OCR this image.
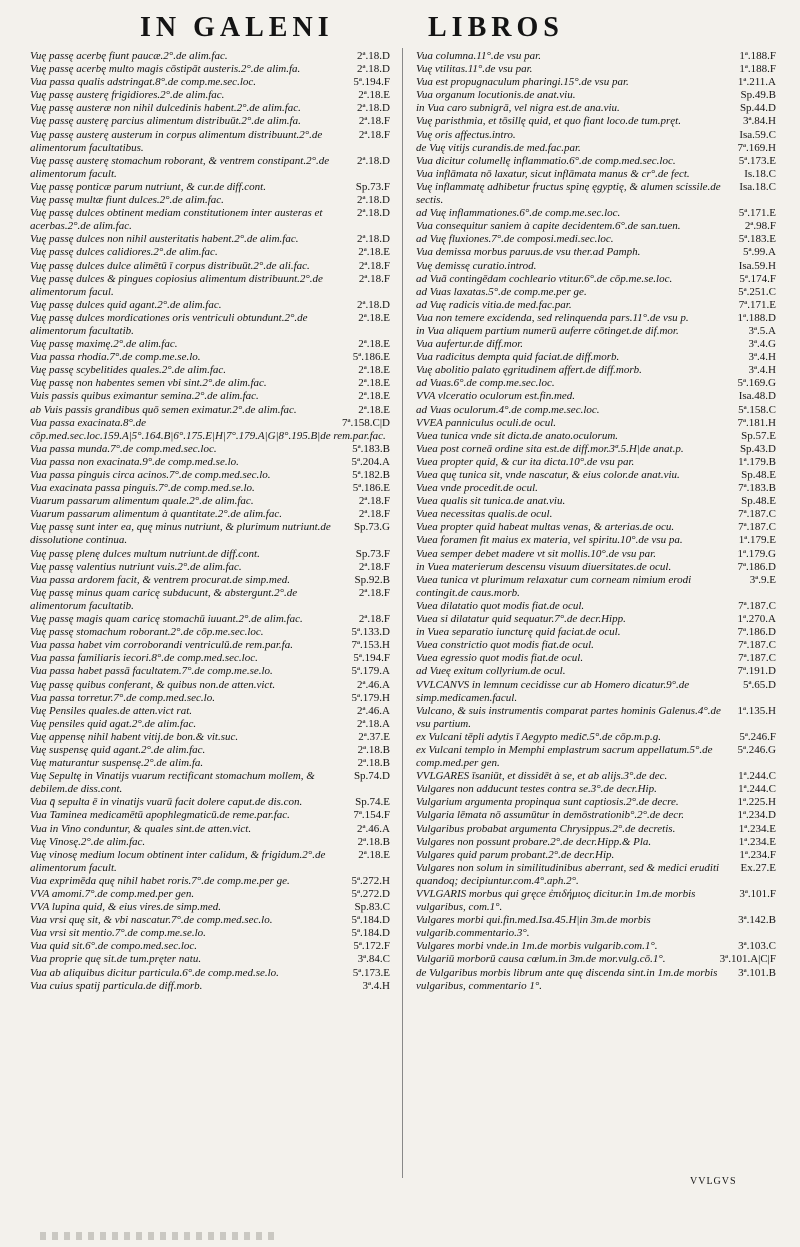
IN GALENI	LIBROS
2ª.18.D
Vuę passę acerbę fiunt paucæ.2°.de alim.fac.
2ª.18.D
Vuę passę acerbę multo magis cōstipāt austeris.2°.de alim.fa.
5ª.194.F
Vua passa qualis adstringat.8°.de comp.me.sec.loc.
2ª.18.E
Vuę passę austerę frigidiores.2°.de alim.fac.
2ª.18.D
Vuę passę austeræ non nihil dulcedinis habent.2°.de alim.fac.
2ª.18.F
Vuę passę austerę parcius alimentum distribuūt.2°.de alim.fa.
2ª.18.F
Vuę passę austerę austerum in corpus alimentum distribuunt.2°.de alimentorum facultatibus.
2ª.18.D
Vuę passę austerę stomachum roborant, & ventrem constipant.2°.de alimentorum facult.
Sp.73.F
Vuę passę ponticæ parum nutriunt, & cur.de diff.cont.
2ª.18.D
Vuę passę multæ fiunt dulces.2°.de alim.fac.
2ª.18.D
Vuę passę dulces obtinent mediam constitutionem inter austeras et acerbas.2°.de alim.fac.
2ª.18.D
Vuę passę dulces non nihil austeritatis habent.2°.de alim.fac.
2ª.18.E
Vuę passę dulces calidiores.2°.de alim.fac.
2ª.18.F
Vuę passę dulces dulce alimētū ī corpus distribuūt.2°.de ali.fac.
2ª.18.F
Vuę passę dulces & pingues copiosius alimentum distribuunt.2°.de alimentorum facul.
2ª.18.D
Vuę passę dulces quid agant.2°.de alim.fac.
2ª.18.E
Vuę passę dulces mordicationes oris ventriculi obtundunt.2°.de alimentorum facultatib.
2ª.18.E
Vuę passę maximę.2°.de alim.fac.
5ª.186.E
Vua passa rhodia.7°.de comp.me.se.lo.
2ª.18.E
Vuę passę scybelitides quales.2°.de alim.fac.
2ª.18.E
Vuę passę non habentes semen vbi sint.2°.de alim.fac.
2ª.18.E
Vuis passis quibus eximantur semina.2°.de alim.fac.
2ª.18.E
ab Vuis passis grandibus quō semen eximatur.2°.de alim.fac.
7ª.158.C|D
Vua passa exacinata.8°.de cōp.med.sec.loc.159.A|5°.164.B|6°.175.E|H|7°.179.A|G|8°.195.B|de rem.par.fac.
5ª.183.B
Vua passa munda.7°.de comp.med.sec.loc.
5ª.204.A
Vua passa non exacinata.9°.de comp.med.se.lo.
5ª.182.B
Vua passa pinguis circa acinos.7°.de comp.med.sec.lo.
5ª.186.E
Vua exacinata passa pinguis.7°.de comp.med.se.lo.
2ª.18.F
Vuarum passarum alimentum quale.2°.de alim.fac.
2ª.18.F
Vuarum passarum alimentum à quantitate.2°.de alim.fac.
Sp.73.G
Vuę passę sunt inter ea, quę minus nutriunt, & plurimum nutriunt.de dissolutione continua.
Sp.73.F
Vuę passę plenę dulces multum nutriunt.de diff.cont.
2ª.18.F
Vuę passę valentius nutriunt vuis.2°.de alim.fac.
Sp.92.B
Vua passa ardorem facit, & ventrem procurat.de simp.med.
2ª.18.F
Vuę passę minus quam caricę subducunt, & abstergunt.2°.de alimentorum facultatib.
2ª.18.F
Vuę passę magis quam caricę stomachū iuuant.2°.de alim.fac.
5ª.133.D
Vuę passę stomachum roborant.2°.de cōp.me.sec.loc.
7ª.153.H
Vua passa habet vim corroborandi ventriculū.de rem.par.fa.
5ª.194.F
Vua passa familiaris iecori.8°.de comp.med.sec.loc.
5ª.179.A
Vua passa habet passā facultatem.7°.de comp.me.se.lo.
2ª.46.A
Vuę passę quibus conferant, & quibus non.de atten.vict.
5ª.179.H
Vua passa torretur.7°.de comp.med.sec.lo.
2ª.46.A
Vuę Pensiles quales.de atten.vict rat.
2ª.18.A
Vuę pensiles quid agat.2°.de alim.fac.
2ª.37.E
Vuę appensę nihil habent vitij.de bon.& vit.suc.
2ª.18.B
Vuę suspensę quid agant.2°.de alim.fac.
2ª.18.B
Vuę maturantur suspensę.2°.de alim.fa.
Sp.74.D
Vuę Sepultę in Vinatijs vuarum rectificant stomachum mollem, & debilem.de diss.cont.
Sp.74.E
Vua q̄ sepulta ē in vinatijs vuarū facit dolere caput.de dis.con.
7ª.154.F
Vua Taminea medicamētū apophlegmaticū.de reme.par.fac.
2ª.46.A
Vua in Vino conduntur, & quales sint.de atten.vict.
2ª.18.B
Vuę Vinosę.2°.de alim.fac.
2ª.18.E
Vuę vinosę medium locum obtinent inter calidum, & frigidum.2°.de alimentorum facult.
5ª.272.H
Vua exprimēda quę nihil habet roris.7°.de comp.me.per ge.
5ª.272.D
VVA amomi.7°.de comp.med.per gen.
Sp.83.C
VVA lupina quid, & eius vires.de simp.med.
5ª.184.D
Vua vrsi quę sit, & vbi nascatur.7°.de comp.med.sec.lo.
5ª.184.D
Vua vrsi sit mentio.7°.de comp.me.se.lo.
5ª.172.F
Vua quid sit.6°.de compo.med.sec.loc.
3ª.84.C
Vua proprie quę sit.de tum.pręter natu.
5ª.173.E
Vua ab aliquibus dicitur particula.6°.de comp.med.se.lo.
3ª.4.H
Vua cuius spatij particula.de diff.morb.
1ª.188.F
Vua columna.11°.de vsu par.
1ª.188.F
Vuę vtilitas.11°.de vsu par.
1ª.211.A
Vua est propugnaculum pharingi.15°.de vsu par.
Sp.49.B
Vua organum locutionis.de anat.viu.
Sp.44.D
in Vua caro subnigrā, vel nigra est.de ana.viu.
3ª.84.H
Vuę paristhmia, et tōsillę quid, et quo fiant loco.de tum.pręt.
Isa.59.C
Vuę oris affectus.intro.
7ª.169.H
de Vuę vitijs curandis.de med.fac.par.
5ª.173.E
Vua dicitur columellę inflammatio.6°.de comp.med.sec.loc.
Is.18.C
Vua inflāmata nō laxatur, sicut inflāmata manus & cr°.de fect.
Isa.18.C
Vuę inflammatę adhibetur fructus spinę ęgyptię, & alumen scissile.de sectis.
5ª.171.E
ad Vuę inflammationes.6°.de comp.me.sec.loc.
2ª.98.F
Vua consequitur saniem à capite decidentem.6°.de san.tuen.
5ª.183.E
ad Vuę fluxiones.7°.de composi.medi.sec.loc.
5ª.99.A
Vua demissa morbus paruus.de vsu ther.ad Pamph.
Isa.59.H
Vuę demissę curatio.introd.
5ª.174.F
ad Vuā contingēdam cochleario vtitur.6°.de cōp.me.se.loc.
5ª.251.C
ad Vuas laxatas.5°.de comp.me.per ge.
7ª.171.E
ad Vuę radicis vitia.de med.fac.par.
1ª.188.D
Vua non temere excidenda, sed relinquenda pars.11°.de vsu p.
3ª.5.A
in Vua aliquem partium numerū auferre cōtinget.de dif.mor.
3ª.4.G
Vua aufertur.de diff.mor.
3ª.4.H
Vua radicitus dempta quid faciat.de diff.morb.
3ª.4.H
Vuę abolitio palato ęgritudinem affert.de diff.morb.
5ª.169.G
ad Vuas.6°.de comp.me.sec.loc.
Isa.48.D
VVA vlceratio oculorum est.fin.med.
5ª.158.C
ad Vuas oculorum.4°.de comp.me.sec.loc.
7ª.181.H
VVEA panniculus oculi.de ocul.
Sp.57.E
Vuea tunica vnde sit dicta.de anato.oculorum.
Sp.43.D
Vuea post corneā ordine sita est.de diff.mor.3ª.5.H|de anat.p.
1ª.179.B
Vuea propter quid, & cur ita dicta.10°.de vsu par.
Sp.48.E
Vuea quę tunica sit, vnde nascatur, & eius color.de anat.viu.
7ª.183.B
Vuea vnde procedit.de ocul.
Sp.48.E
Vuea qualis sit tunica.de anat.viu.
7ª.187.C
Vuea necessitas qualis.de ocul.
7ª.187.C
Vuea propter quid habeat multas venas, & arterias.de ocu.
1ª.179.E
Vuea foramen fit maius ex materia, vel spiritu.10°.de vsu pa.
1ª.179.G
Vuea semper debet madere vt sit mollis.10°.de vsu par.
7ª.186.D
in Vuea materierum descensu visuum diuersitates.de ocul.
3ª.9.E
Vuea tunica vt plurimum relaxatur cum corneam nimium erodi contingit.de caus.morb.
7ª.187.C
Vuea dilatatio quot modis fiat.de ocul.
1ª.270.A
Vuea si dilatatur quid sequatur.7°.de decr.Hipp.
7ª.186.D
in Vuea separatio iuncturę quid faciat.de ocul.
7ª.187.C
Vuea constrictio quot modis fiat.de ocul.
7ª.187.C
Vuea egressio quot modis fiat.de ocul.
7ª.191.D
ad Vueę exitum collyrium.de ocul.
5ª.65.D
VVLCANVS in lemnum cecidisse cur ab Homero dicatur.9°.de simp.medicamen.facul.
1ª.135.H
Vulcano, & suis instrumentis comparat partes hominis Galenus.4°.de vsu partium.
5ª.246.F
ex Vulcani tēpli adytis ī Aegypto medic̄.5°.de cōp.m.p.g.
5ª.246.G
ex Vulcani templo in Memphi emplastrum sacrum appellatum.5°.de comp.med.per gen.
1ª.244.C
VVLGARES īsaniūt, et dissidēt à se, et ab alijs.3°.de dec.
1ª.244.C
Vulgares non adducunt testes contra se.3°.de decr.Hip.
1ª.225.H
Vulgarium argumenta propinqua sunt captiosis.2°.de decre.
1ª.234.D
Vulgaria lēmata nō assumūtur in demōstrationib°.2°.de decr.
1ª.234.E
Vulgaribus probabat argumenta Chrysippus.2°.de decretis.
1ª.234.E
Vulgares non possunt probare.2°.de decr.Hipp.& Pla.
1ª.234.F
Vulgares quid parum probant.2°.de decr.Hip.
Ex.27.E
Vulgares non solum in similitudinibus aberrant, sed & medici eruditi quandoq; decipiuntur.com.4°.aph.2°.
3ª.101.F
VVLGARIS morbus qui gręce ἐπιδήμιος dicitur.in 1m.de morbis vulgaribus, com.1°.
3ª.142.B
Vulgares morbi qui.fin.med.Isa.45.H|in 3m.de morbis vulgarib.commentario.3°.
3ª.103.C
Vulgares morbi vnde.in 1m.de morbis vulgarib.com.1°.
3ª.101.A|C|F
Vulgariū morborū causa cœlum.in 3m.de mor.vulg.cō.1°.
3ª.101.B
de Vulgaribus morbis librum ante quę discenda sint.in 1m.de morbis vulgaribus, commentario 1°.
VVLGVS
